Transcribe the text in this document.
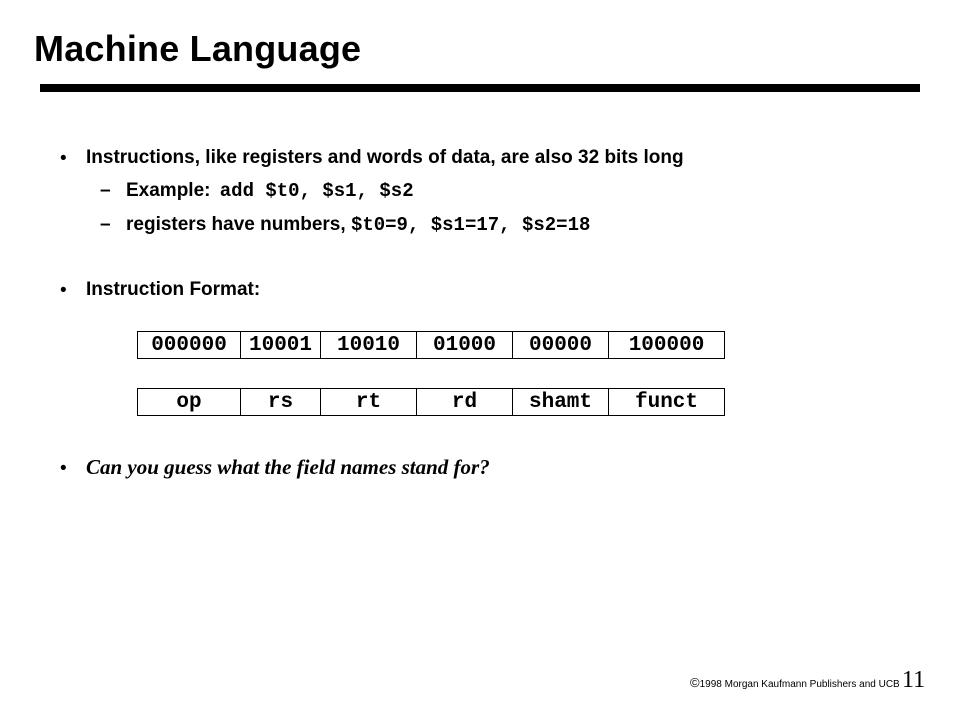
Machine Language
• Instructions, like registers and words of data, are also 32 bits long
– Example: add $t0, $s1, $s2
– registers have numbers, $t0=9, $s1=17, $s2=18
• Instruction Format:
000000	10001	10010	01000	00000	100000
op	rs	rt	rd	shamt	funct
• Can you guess what the field names stand for?
©1998 Morgan Kaufmann Publishers and UCB 11
